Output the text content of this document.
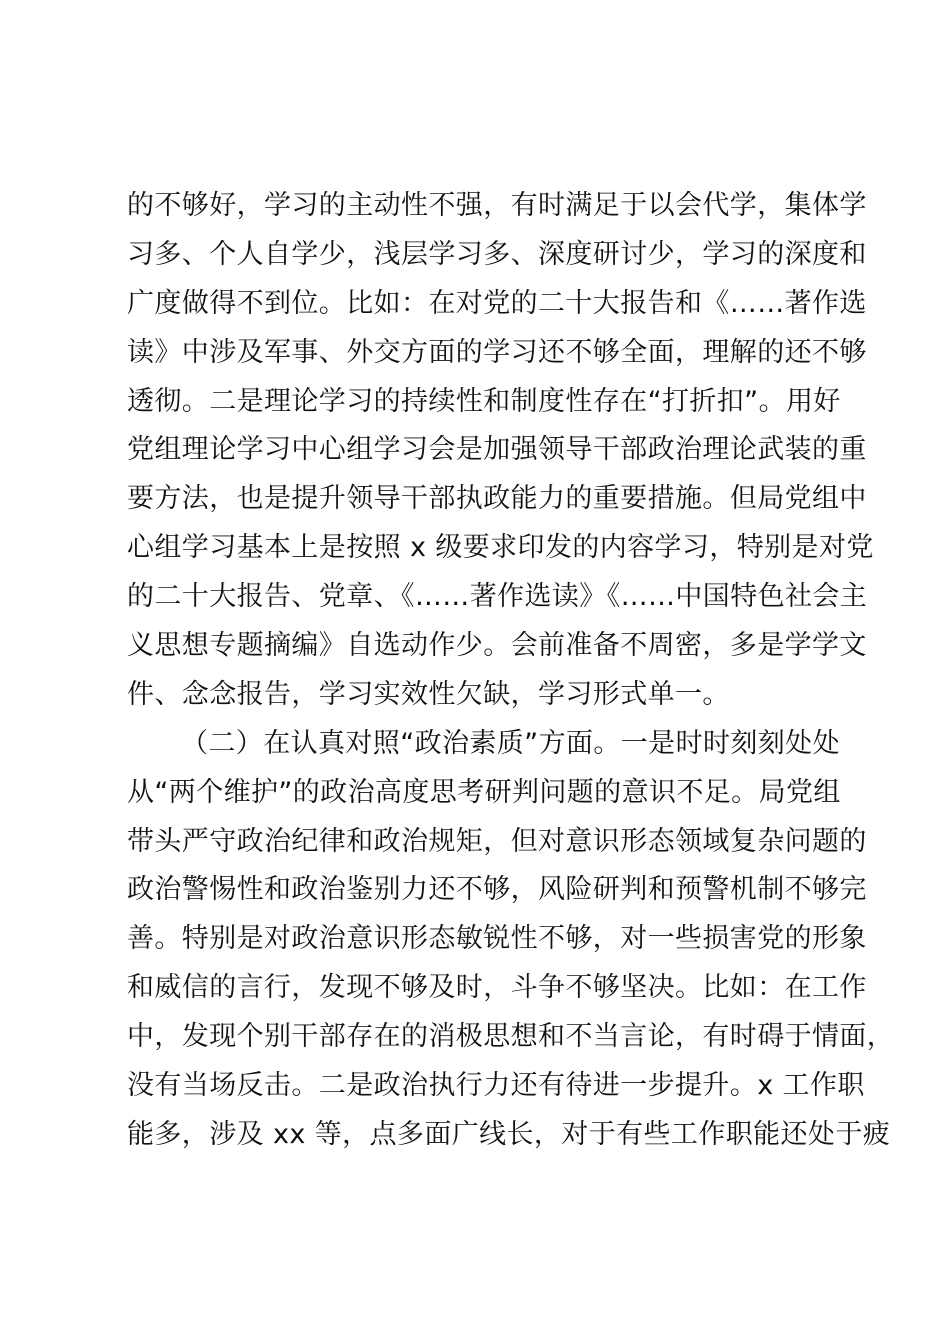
的不够好，学习的主动性不强，有时满足于以会代学，集体学
习多、个人自学少，浅层学习多、深度研讨少，学习的深度和
广度做得不到位。比如：在对党的二十大报告和《……著作选
读》中涉及军事、外交方面的学习还不够全面，理解的还不够
透彻。二是理论学习的持续性和制度性存在“打折扣”。用好
党组理论学习中心组学习会是加强领导干部政治理论武装的重
要方法，也是提升领导干部执政能力的重要措施。但局党组中
心组学习基本上是按照 x 级要求印发的内容学习，特别是对党
的二十大报告、党章、《……著作选读》《……中国特色社会主
义思想专题摘编》自选动作少。会前准备不周密，多是学学文
件、念念报告，学习实效性欠缺，学习形式单一。
（二）在认真对照“政治素质”方面。一是时时刻刻处处
从“两个维护”的政治高度思考研判问题的意识不足。局党组
带头严守政治纪律和政治规矩，但对意识形态领域复杂问题的
政治警惕性和政治鉴别力还不够，风险研判和预警机制不够完
善。特别是对政治意识形态敏锐性不够，对一些损害党的形象
和威信的言行，发现不够及时，斗争不够坚决。比如：在工作
中，发现个别干部存在的消极思想和不当言论，有时碍于情面，
没有当场反击。二是政治执行力还有待进一步提升。x 工作职
能多，涉及 xx 等，点多面广线长，对于有些工作职能还处于疲
